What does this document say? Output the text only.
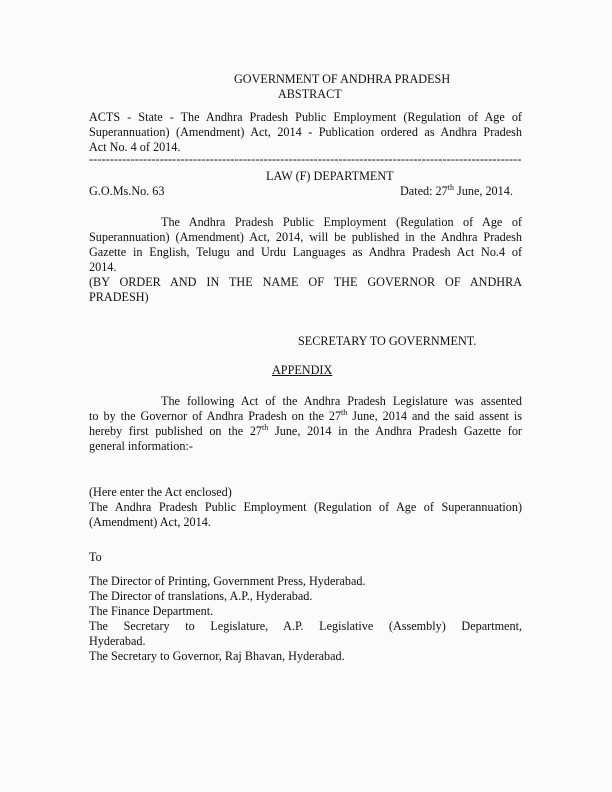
GOVERNMENT OF ANDHRA PRADESH

ABSTRACT

ACTS - State - The Andhra Pradesh Public Employment (Regulation of Age of

Superannuation) (Amendment) Act, 2014 - Publication ordered as Andhra Pradesh

Act No. 4 of 2014.

--------------------------------------------------------------------------------------------------------

LAW (F) DEPARTMENT

G.O.Ms.No. 63	Dated: 27th June, 2014.

The Andhra Pradesh Public Employment (Regulation of Age of

Superannuation) (Amendment) Act, 2014, will be published in the Andhra Pradesh

Gazette in English, Telugu and Urdu Languages as Andhra Pradesh Act No.4 of

2014.

(BY ORDER AND IN THE NAME OF THE GOVERNOR OF ANDHRA

PRADESH)

SECRETARY TO GOVERNMENT.

APPENDIX

The following Act of the Andhra Pradesh Legislature was assented

to by the Governor of Andhra Pradesh on the 27th June, 2014 and the said assent is

hereby first published on the 27th June, 2014 in the Andhra Pradesh Gazette for

general information:-

(Here enter the Act enclosed)

The Andhra Pradesh Public Employment (Regulation of Age of Superannuation)

(Amendment) Act, 2014.

To

The Director of Printing, Government Press, Hyderabad.

The Director of translations, A.P., Hyderabad.

The Finance Department.

The Secretary to Legislature, A.P. Legislative (Assembly) Department,

Hyderabad.

The Secretary to Governor, Raj Bhavan, Hyderabad.
